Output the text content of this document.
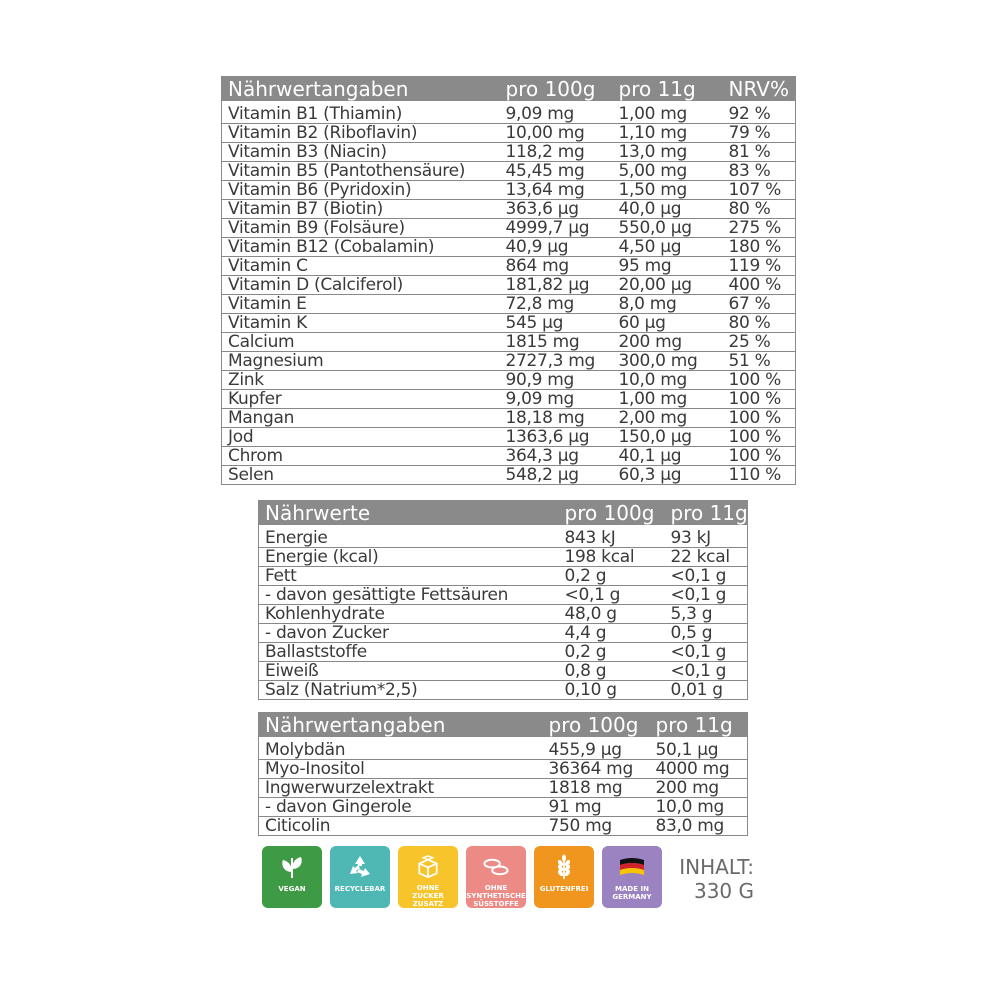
Nährwertangaben	pro 100g	pro 11g	NRV%
Vitamin B1 (Thiamin)	9,09 mg	1,00 mg	92 %
Vitamin B2 (Riboflavin)	10,00 mg	1,10 mg	79 %
Vitamin B3 (Niacin)	118,2 mg	13,0 mg	81 %
Vitamin B5 (Pantothensäure)	45,45 mg	5,00 mg	83 %
Vitamin B6 (Pyridoxin)	13,64 mg	1,50 mg	107 %
Vitamin B7 (Biotin)	363,6 µg	40,0 µg	80 %
Vitamin B9 (Folsäure)	4999,7 µg	550,0 µg	275 %
Vitamin B12 (Cobalamin)	40,9 µg	4,50 µg	180 %
Vitamin C	864 mg	95 mg	119 %
Vitamin D (Calciferol)	181,82 µg	20,00 µg	400 %
Vitamin E	72,8 mg	8,0 mg	67 %
Vitamin K	545 µg	60 µg	80 %
Calcium	1815 mg	200 mg	25 %
Magnesium	2727,3 mg	300,0 mg	51 %
Zink	90,9 mg	10,0 mg	100 %
Kupfer	9,09 mg	1,00 mg	100 %
Mangan	18,18 mg	2,00 mg	100 %
Jod	1363,6 µg	150,0 µg	100 %
Chrom	364,3 µg	40,1 µg	100 %
Selen	548,2 µg	60,3 µg	110 %
Nährwerte	pro 100g	pro 11g
Energie	843 kJ	93 kJ
Energie (kcal)	198 kcal	22 kcal
Fett	0,2 g	<0,1 g
- davon gesättigte Fettsäuren	<0,1 g	<0,1 g
Kohlenhydrate	48,0 g	5,3 g
- davon Zucker	4,4 g	0,5 g
Ballaststoffe	0,2 g	<0,1 g
Eiweiß	0,8 g	<0,1 g
Salz (Natrium*2,5)	0,10 g	0,01 g
Nährwertangaben	pro 100g	pro 11g
Molybdän	455,9 µg	50,1 µg
Myo-Inositol	36364 mg	4000 mg
Ingwerwurzelextrakt	1818 mg	200 mg
- davon Gingerole	91 mg	10,0 mg
Citicolin	750 mg	83,0 mg
VEGAN	RECYCLEBAR	OHNE ZUCKER ZUSATZ
OHNE SYNTHETISCHE SÜSSTOFFE
GLUTENFREI	MADE IN GERMANY
INHALT:
330 G
